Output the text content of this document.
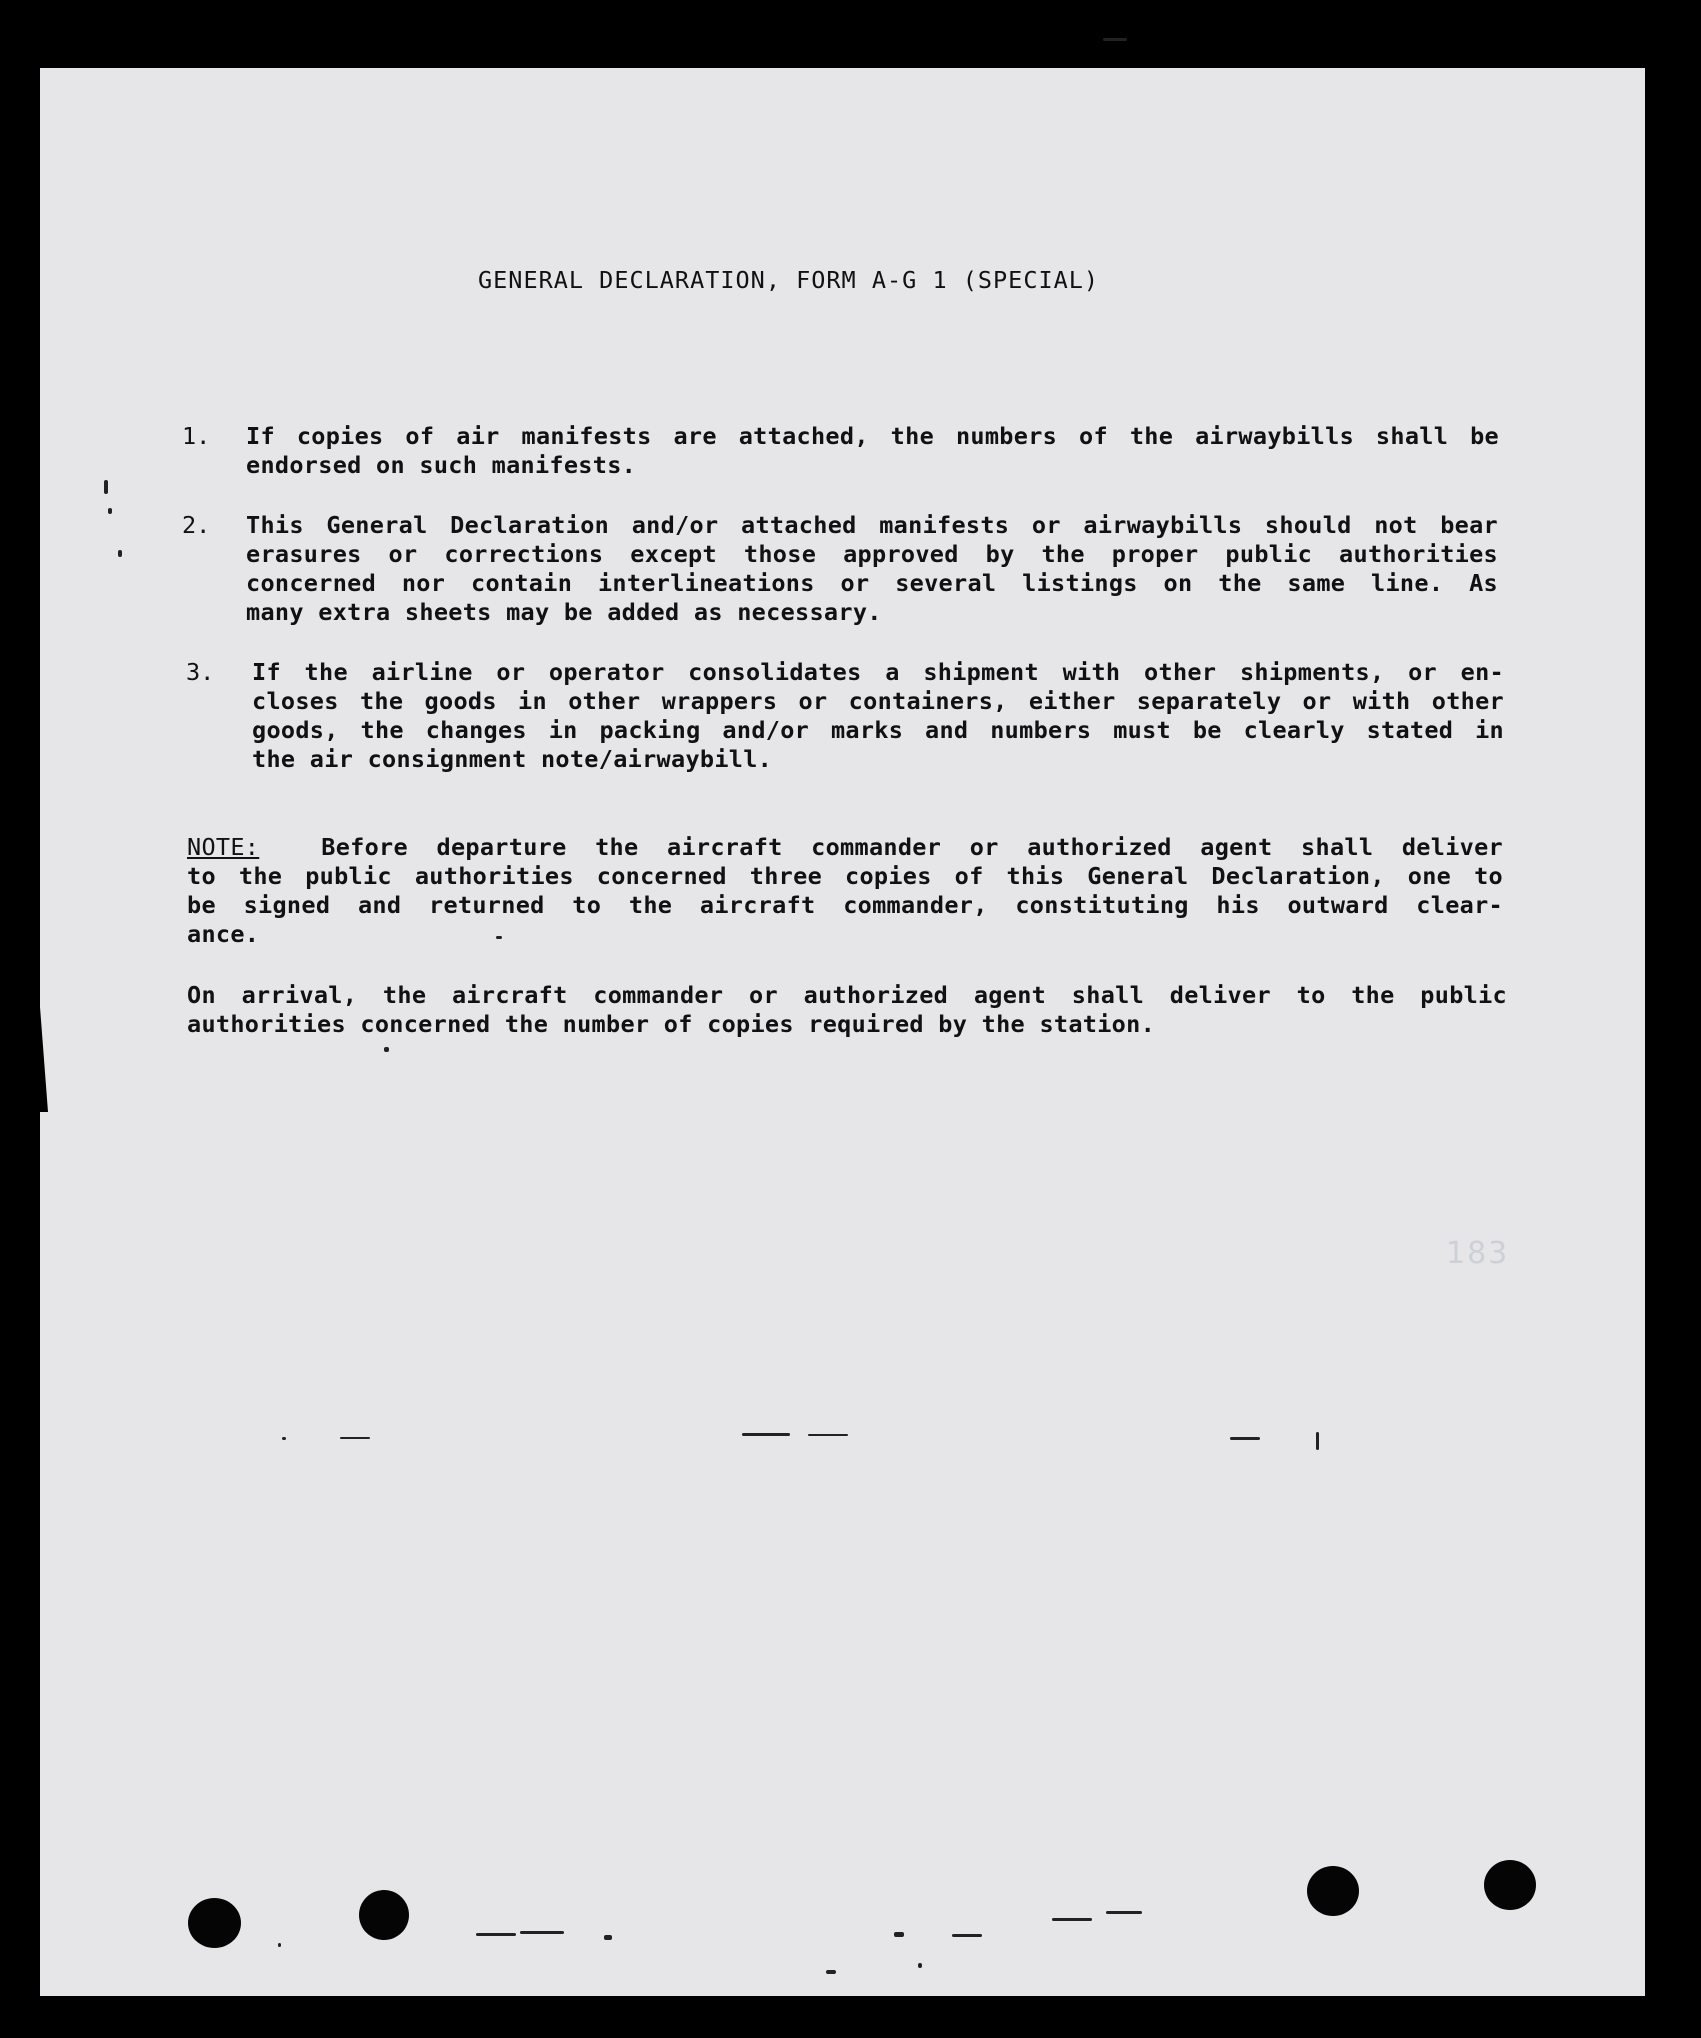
GENERAL DECLARATION, FORM A-G 1 (SPECIAL)
1. If copies of air manifests are attached, the numbers of the airwaybills shall be
endorsed on such manifests.
2. This General Declaration and/or attached manifests or airwaybills should not bear
erasures or corrections except those approved by the proper public authorities
concerned nor contain interlineations or several listings on the same line. As
many extra sheets may be added as necessary.
3. If the airline or operator consolidates a shipment with other shipments, or en-
closes the goods in other wrappers or containers, either separately or with other
goods, the changes in packing and/or marks and numbers must be clearly stated in
the air consignment note/airwaybill.
NOTE:	Before departure the aircraft commander or authorized agent shall deliver
to the public authorities concerned three copies of this General Declaration, one to
be signed and returned to the aircraft commander, constituting his outward clear-
ance.
On arrival, the aircraft commander or authorized agent shall deliver to the public
authorities concerned the number of copies required by the station.
183
